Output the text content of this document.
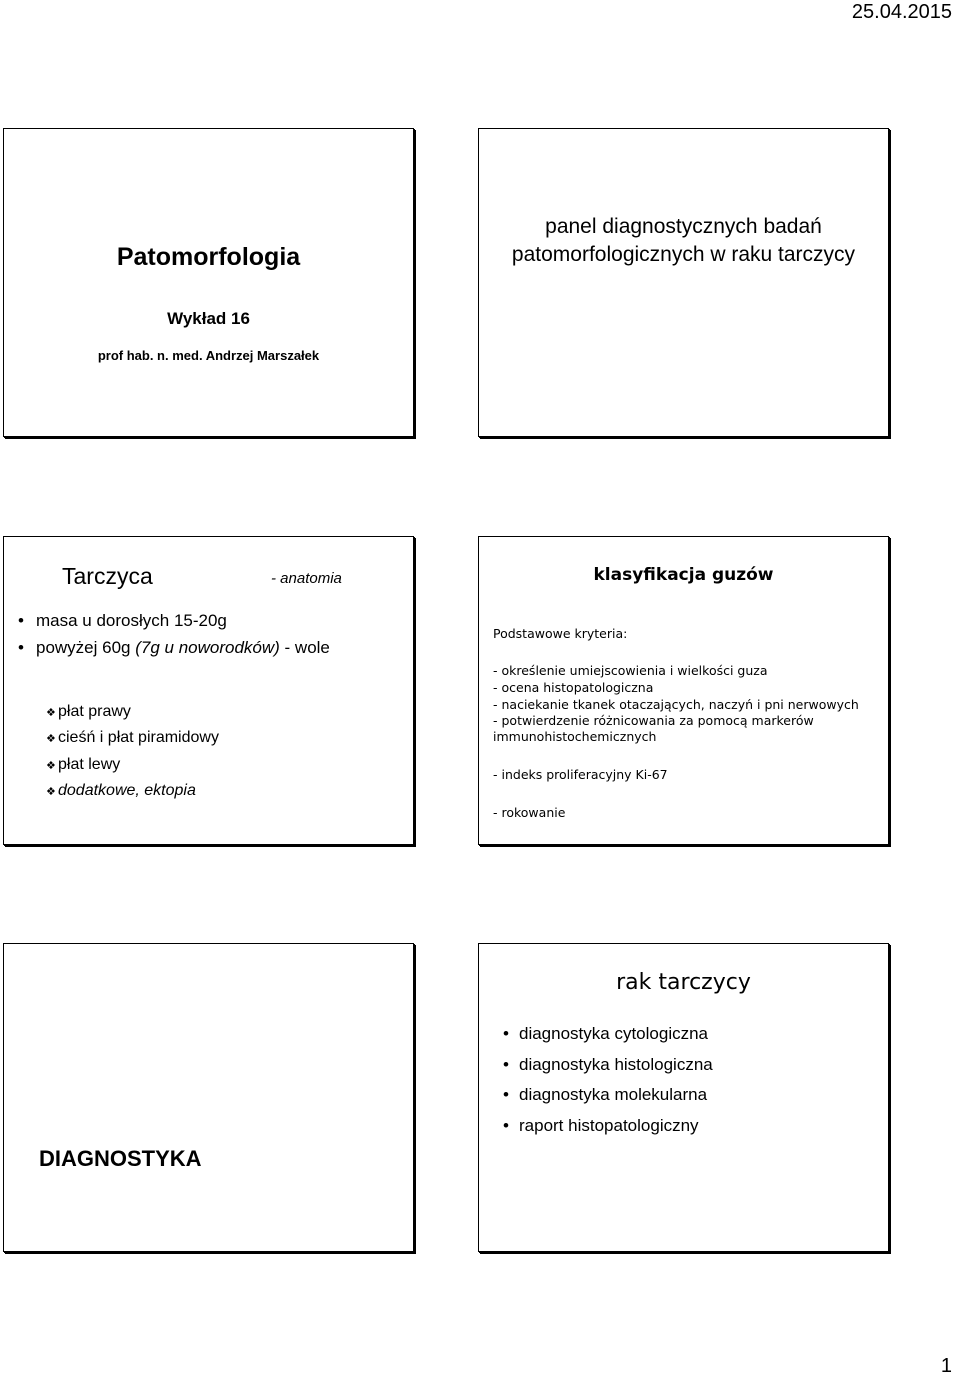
25.04.2015
Patomorfologia
Wykład 16
prof hab. n. med. Andrzej Marszałek
panel diagnostycznych badań patomorfologicznych w raku tarczycy
Tarczyca	- anatomia
• masa u dorosłych 15-20g
• powyżej 60g (7g u noworodków) - wole
❖ płat prawy
❖ cieśń i płat piramidowy
❖ płat lewy
❖ dodatkowe, ektopia
klasyfikacja guzów
Podstawowe kryteria:
- określenie umiejscowienia i wielkości guza
- ocena histopatologiczna
- naciekanie tkanek otaczających, naczyń i pni nerwowych
- potwierdzenie różnicowania za pomocą markerów
immunohistochemicznych
- indeks proliferacyjny Ki-67
- rokowanie
DIAGNOSTYKA
rak tarczycy
• diagnostyka cytologiczna
• diagnostyka histologiczna
• diagnostyka molekularna
• raport histopatologiczny
1
